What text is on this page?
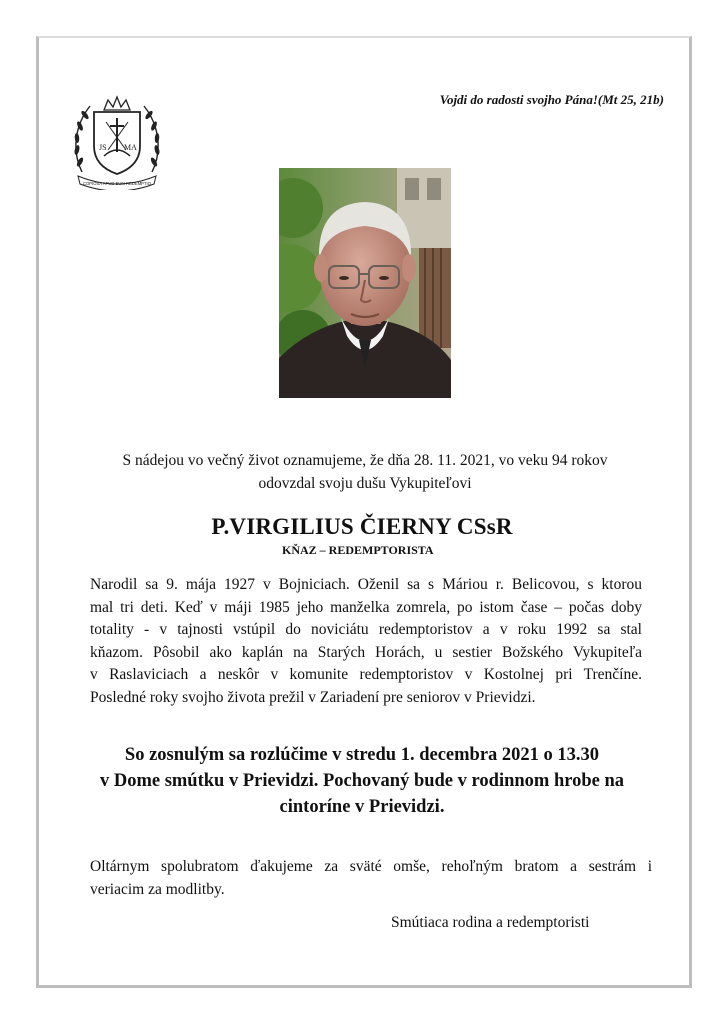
JS MA
COPIOSA APUD EUM REDEMPTIO
Vojdi do radosti svojho Pána!(Mt 25, 21b)
S nádejou vo večný život oznamujeme, že dňa 28. 11. 2021, vo veku 94 rokov
odovzdal svoju dušu Vykupiteľovi
P.VIRGILIUS ČIERNY CSsR
KŇAZ – REDEMPTORISTA
Narodil sa 9. mája 1927 v Bojniciach. Oženil sa s Máriou r. Belicovou, s ktorou
mal tri deti. Keď v máji 1985 jeho manželka zomrela, po istom čase – počas doby
totality - v tajnosti vstúpil do noviciátu redemptoristov a v roku 1992 sa stal
kňazom. Pôsobil ako kaplán na Starých Horách, u sestier Božského Vykupiteľa
v Raslaviciach a neskôr v komunite redemptoristov v Kostolnej pri Trenčíne.
Posledné roky svojho života prežil v Zariadení pre seniorov v Prievidzi.
So zosnulým sa rozlúčime v stredu 1. decembra 2021 o 13.30
v Dome smútku v Prievidzi. Pochovaný bude v rodinnom hrobe na
cintoríne v Prievidzi.
Oltárnym spolubratom ďakujeme za sväté omše, rehoľným bratom a sestrám i
veriacim za modlitby.
Smútiaca rodina a redemptoristi
